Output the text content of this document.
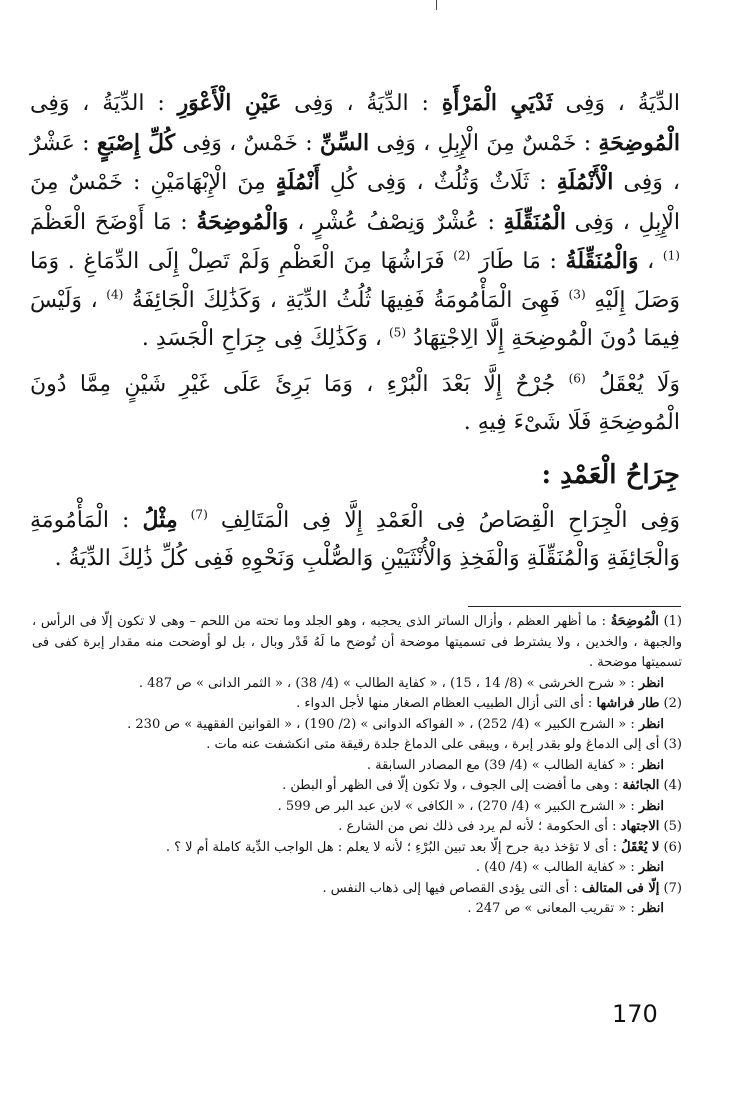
الدِّيَةُ ، وَفِى ثَدْيَيِ الْمَرْأَةِ : الدِّيَةُ ، وَفِى عَيْنِ الْأَعْوَرِ : الدِّيَةُ ، وَفِى الْمُوضِحَةِ : خَمْسٌ مِنَ الْإِبِلِ ، وَفِى السِّنِّ : خَمْسٌ ، وَفِى كُلِّ إِصْبَعٍ : عَشْرٌ ، وَفِى الْأَنْمُلَةِ : ثَلَاثٌ وَثُلُثٌ ، وَفِى كُلِ أَنْمُلَةٍ مِنَ الْإِبْهَامَيْنِ : خَمْسٌ مِنَ الْإِبِلِ ، وَفِى الْمُنَقِّلَةِ : عُشْرٌ وَنِصْفُ عُشْرٍ ، وَالْمُوضِحَةُ : مَا أَوْضَحَ الْعَظْمَ $^{(1)}$ ، وَالْمُنَقِّلَةُ : مَا طَارَ $^{(2)}$ فَرَاشُهَا مِنَ الْعَظْمِ وَلَمْ تَصِلْ إِلَى الدِّمَاغِ . وَمَا وَصَلَ إِلَيْهِ $^{(3)}$ فَهِىَ الْمَأْمُومَةُ فَفِيهَا ثُلُثُ الدِّيَةِ ، وَكَذَٰلِكَ الْجَائِفَةُ $^{(4)}$ ، وَلَيْسَ فِيمَا دُونَ الْمُوضِحَةِ إِلَّا الِاجْتِهَادُ $^{(5)}$ ، وَكَذَٰلِكَ فِى جِرَاحِ الْجَسَدِ .

وَلَا يُعْقَلُ $^{(6)}$ جُرْحٌ إِلَّا بَعْدَ الْبُرْءِ ، وَمَا بَرِئَ عَلَى غَيْرِ شَيْنٍ مِمَّا دُونَ الْمُوضِحَةِ فَلَا شَىْءَ فِيهِ .

جِرَاحُ الْعَمْدِ :

وَفِى الْجِرَاحِ الْقِصَاصُ فِى الْعَمْدِ إِلَّا فِى الْمَتَالِفِ $^{(7)}$ مِثْلُ : الْمَأْمُومَةِ وَالْجَائِفَةِ وَالْمُنَقِّلَةِ وَالْفَخِذِ وَالْأُنْثَيَيْنِ وَالصُّلْبِ وَنَحْوِهِ فَفِى كُلِّ ذَٰلِكَ الدِّيَةُ .

(1) الْمُوضِحَةُ : ما أظهر العظم ، وأزال الساتر الذى يحجبه ، وهو الجلد وما تحته من اللحم – وهى لا تكون إلّا فى الرأس ، والجبهة ، والخدين ، ولا يشترط فى تسميتها موضحة أن تُوضح ما لَهُ قَدْر وبال ، بل لو أوضحت منه مقدار إبرة كفى فى تسميتها موضحة .

انظر : « شرح الخرشى » (8/ 14 ، 15) ، « كفاية الطالب » (4/ 38) ، « الثمر الدانى » ص 487 .

(2) طار فراشها : أى التى أزال الطبيب العظام الصغار منها لأجل الدواء .

انظر : « الشرح الكبير » (4/ 252) ، « الفواكه الدوانى » (2/ 190) ، « القوانين الفقهية » ص 230 .

(3) أى إلى الدماغ ولو بقدر إبرة ، ويبقى على الدماغ جلدة رقيقة متى انكشفت عنه مات .

انظر : « كفاية الطالب » (4/ 39) مع المصادر السابقة .

(4) الجائفة : وهى ما أفضت إلى الجوف ، ولا تكون إلّا فى الظهر أو البطن .

انظر : « الشرح الكبير » (4/ 270) ، « الكافى » لابن عبد البر ص 599 .

(5) الاجتهاد : أى الحكومة ؛ لأنه لم يرد فى ذلك نص من الشارع .

(6) لا يُعْقَلُ : أى لا تؤخذ دية جرح إلّا بعد تبين البُرْءِ ؛ لأنه لا يعلم : هل الواجب الدِّية كاملة أم لا ؟ .

انظر : « كفاية الطالب » (4/ 40) .

(7) إلّا فى المتالف : أى التى يؤدى القصاص فيها إلى ذهاب النفس .

انظر : « تقريب المعانى » ص 247 .

170
